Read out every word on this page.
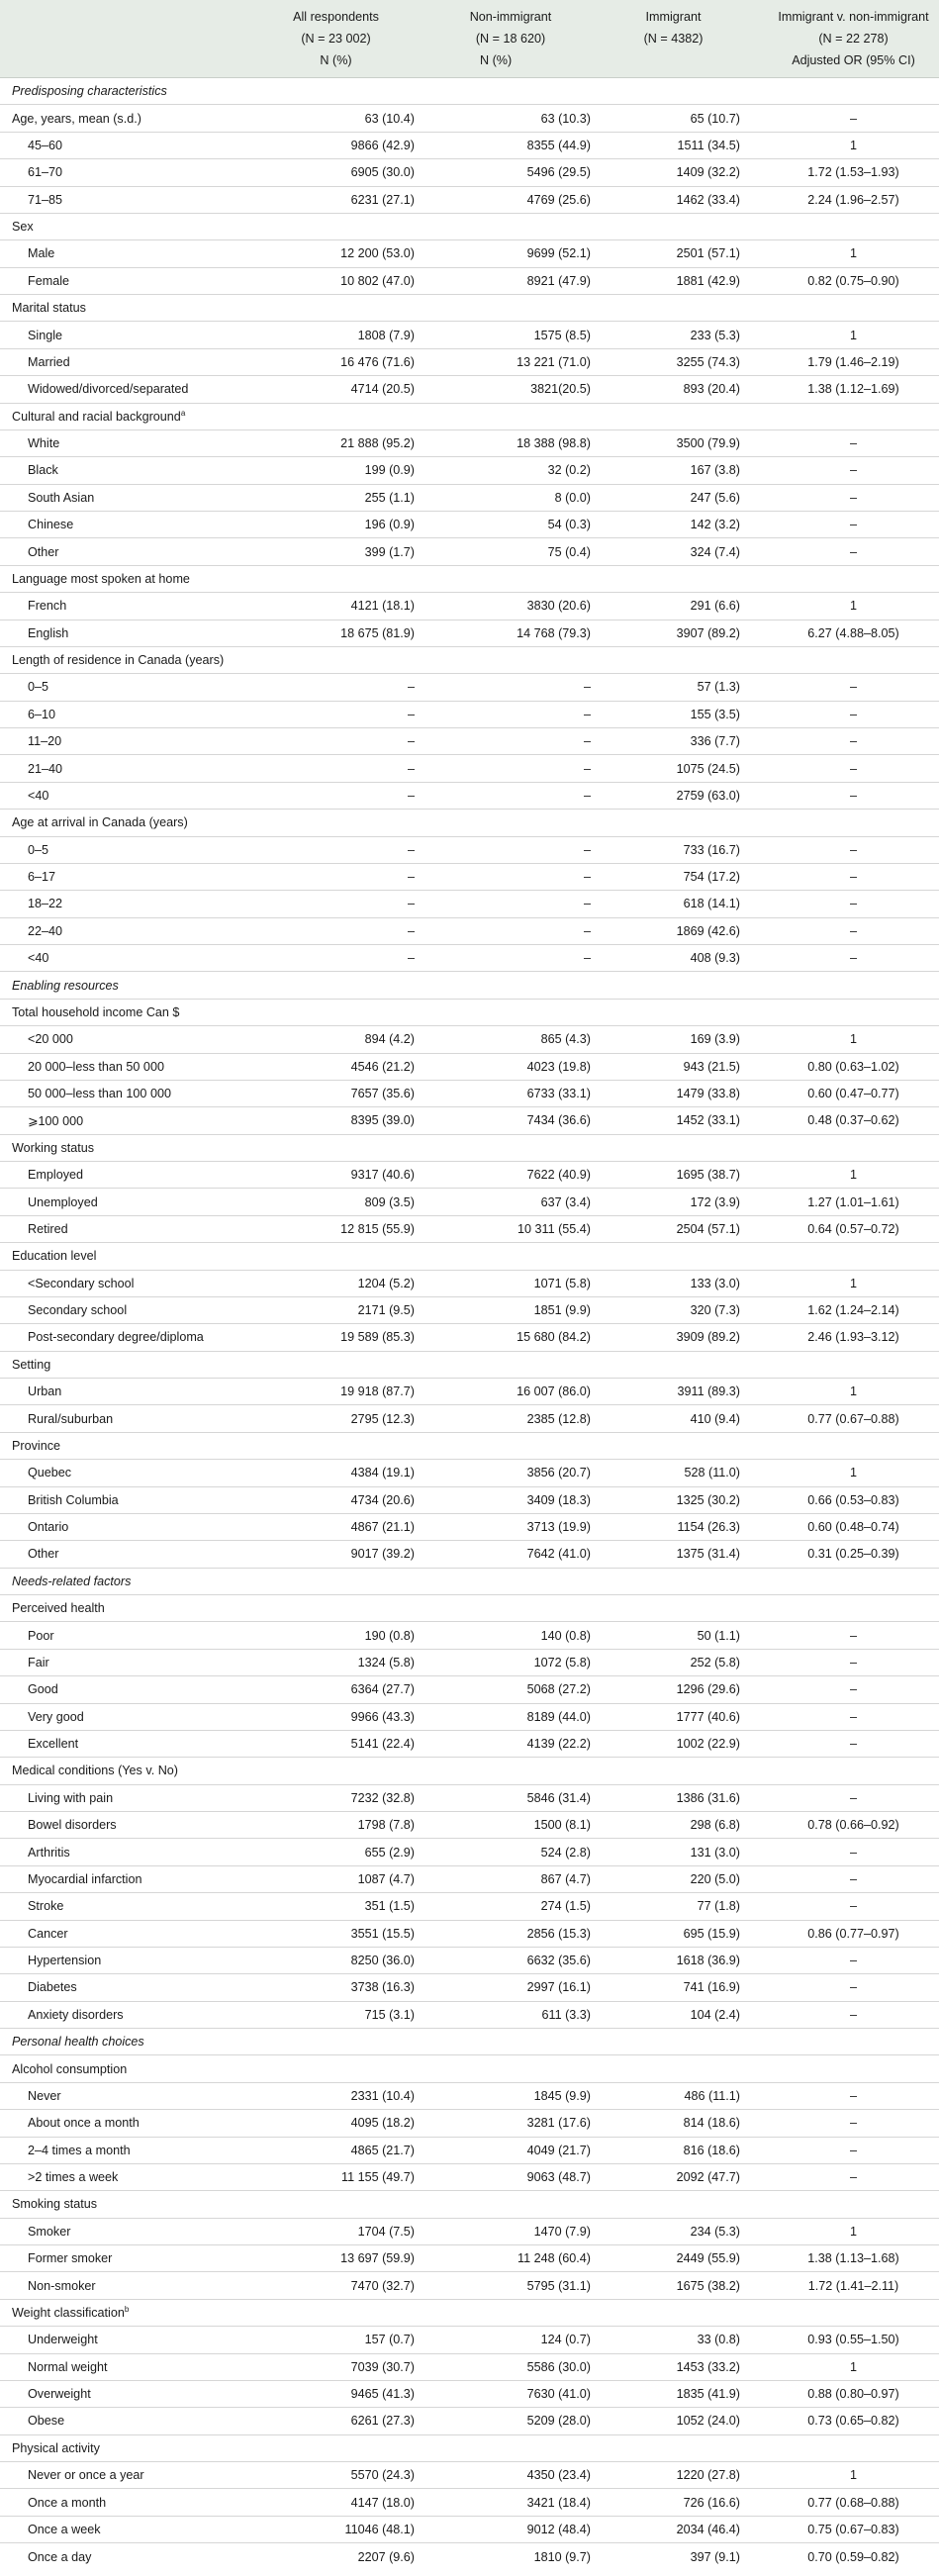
	All respondents	Non-immigrant	Immigrant	Immigrant v. non-immigrant
	(N = 23 002)	(N = 18 620)	(N = 4382)	(N = 22 278)
	N (%)	N (%)		Adjusted OR (95% CI)
Predisposing characteristics				
Age, years, mean (s.d.)	63 (10.4)	63 (10.3)	65 (10.7)	–
45–60	9866 (42.9)	8355 (44.9)	1511 (34.5)	1
61–70	6905 (30.0)	5496 (29.5)	1409 (32.2)	1.72 (1.53–1.93)
71–85	6231 (27.1)	4769 (25.6)	1462 (33.4)	2.24 (1.96–2.57)
Sex				
Male	12 200 (53.0)	9699 (52.1)	2501 (57.1)	1
Female	10 802 (47.0)	8921 (47.9)	1881 (42.9)	0.82 (0.75–0.90)
Marital status				
Single	1808 (7.9)	1575 (8.5)	233 (5.3)	1
Married	16 476 (71.6)	13 221 (71.0)	3255 (74.3)	1.79 (1.46–2.19)
Widowed/divorced/separated	4714 (20.5)	3821(20.5)	893 (20.4)	1.38 (1.12–1.69)
Cultural and racial background$^a$				
White	21 888 (95.2)	18 388 (98.8)	3500 (79.9)	–
Black	199 (0.9)	32 (0.2)	167 (3.8)	–
South Asian	255 (1.1)	8 (0.0)	247 (5.6)	–
Chinese	196 (0.9)	54 (0.3)	142 (3.2)	–
Other	399 (1.7)	75 (0.4)	324 (7.4)	–
Language most spoken at home				
French	4121 (18.1)	3830 (20.6)	291 (6.6)	1
English	18 675 (81.9)	14 768 (79.3)	3907 (89.2)	6.27 (4.88–8.05)
Length of residence in Canada (years)				
0–5	–	–	57 (1.3)	–
6–10	–	–	155 (3.5)	–
11–20	–	–	336 (7.7)	–
21–40	–	–	1075 (24.5)	–
<40	–	–	2759 (63.0)	–
Age at arrival in Canada (years)				
0–5	–	–	733 (16.7)	–
6–17	–	–	754 (17.2)	–
18–22	–	–	618 (14.1)	–
22–40	–	–	1869 (42.6)	–
<40	–	–	408 (9.3)	–
Enabling resources				
Total household income Can $				
<20 000	894 (4.2)	865 (4.3)	169 (3.9)	1
20 000–less than 50 000	4546 (21.2)	4023 (19.8)	943 (21.5)	0.80 (0.63–1.02)
50 000–less than 100 000	7657 (35.6)	6733 (33.1)	1479 (33.8)	0.60 (0.47–0.77)
⩾100 000	8395 (39.0)	7434 (36.6)	1452 (33.1)	0.48 (0.37–0.62)
Working status				
Employed	9317 (40.6)	7622 (40.9)	1695 (38.7)	1
Unemployed	809 (3.5)	637 (3.4)	172 (3.9)	1.27 (1.01–1.61)
Retired	12 815 (55.9)	10 311 (55.4)	2504 (57.1)	0.64 (0.57–0.72)
Education level				
<Secondary school	1204 (5.2)	1071 (5.8)	133 (3.0)	1
Secondary school	2171 (9.5)	1851 (9.9)	320 (7.3)	1.62 (1.24–2.14)
Post-secondary degree/diploma	19 589 (85.3)	15 680 (84.2)	3909 (89.2)	2.46 (1.93–3.12)
Setting				
Urban	19 918 (87.7)	16 007 (86.0)	3911 (89.3)	1
Rural/suburban	2795 (12.3)	2385 (12.8)	410 (9.4)	0.77 (0.67–0.88)
Province				
Quebec	4384 (19.1)	3856 (20.7)	528 (11.0)	1
British Columbia	4734 (20.6)	3409 (18.3)	1325 (30.2)	0.66 (0.53–0.83)
Ontario	4867 (21.1)	3713 (19.9)	1154 (26.3)	0.60 (0.48–0.74)
Other	9017 (39.2)	7642 (41.0)	1375 (31.4)	0.31 (0.25–0.39)
Needs-related factors				
Perceived health				
Poor	190 (0.8)	140 (0.8)	50 (1.1)	–
Fair	1324 (5.8)	1072 (5.8)	252 (5.8)	–
Good	6364 (27.7)	5068 (27.2)	1296 (29.6)	–
Very good	9966 (43.3)	8189 (44.0)	1777 (40.6)	–
Excellent	5141 (22.4)	4139 (22.2)	1002 (22.9)	–
Medical conditions (Yes v. No)				
Living with pain	7232 (32.8)	5846 (31.4)	1386 (31.6)	–
Bowel disorders	1798 (7.8)	1500 (8.1)	298 (6.8)	0.78 (0.66–0.92)
Arthritis	655 (2.9)	524 (2.8)	131 (3.0)	–
Myocardial infarction	1087 (4.7)	867 (4.7)	220 (5.0)	–
Stroke	351 (1.5)	274 (1.5)	77 (1.8)	–
Cancer	3551 (15.5)	2856 (15.3)	695 (15.9)	0.86 (0.77–0.97)
Hypertension	8250 (36.0)	6632 (35.6)	1618 (36.9)	–
Diabetes	3738 (16.3)	2997 (16.1)	741 (16.9)	–
Anxiety disorders	715 (3.1)	611 (3.3)	104 (2.4)	–
Personal health choices				
Alcohol consumption				
Never	2331 (10.4)	1845 (9.9)	486 (11.1)	–
About once a month	4095 (18.2)	3281 (17.6)	814 (18.6)	–
2–4 times a month	4865 (21.7)	4049 (21.7)	816 (18.6)	–
>2 times a week	11 155 (49.7)	9063 (48.7)	2092 (47.7)	–
Smoking status				
Smoker	1704 (7.5)	1470 (7.9)	234 (5.3)	1
Former smoker	13 697 (59.9)	11 248 (60.4)	2449 (55.9)	1.38 (1.13–1.68)
Non-smoker	7470 (32.7)	5795 (31.1)	1675 (38.2)	1.72 (1.41–2.11)
Weight classification$^b$				
Underweight	157 (0.7)	124 (0.7)	33 (0.8)	0.93 (0.55–1.50)
Normal weight	7039 (30.7)	5586 (30.0)	1453 (33.2)	1
Overweight	9465 (41.3)	7630 (41.0)	1835 (41.9)	0.88 (0.80–0.97)
Obese	6261 (27.3)	5209 (28.0)	1052 (24.0)	0.73 (0.65–0.82)
Physical activity				
Never or once a year	5570 (24.3)	4350 (23.4)	1220 (27.8)	1
Once a month	4147 (18.0)	3421 (18.4)	726 (16.6)	0.77 (0.68–0.88)
Once a week	11046 (48.1)	9012 (48.4)	2034 (46.4)	0.75 (0.67–0.83)
Once a day	2207 (9.6)	1810 (9.7)	397 (9.1)	0.70 (0.59–0.82)
